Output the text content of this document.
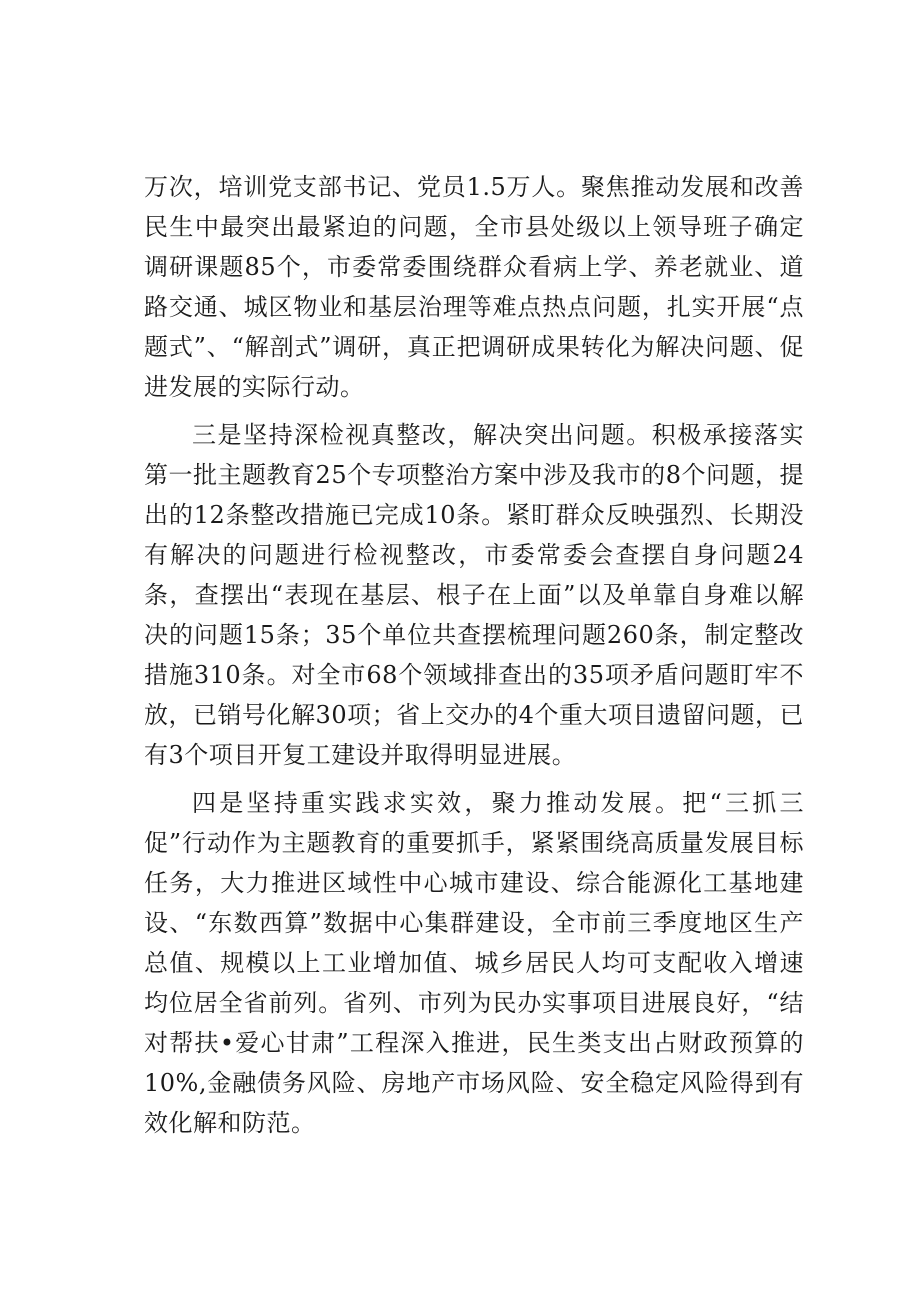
万次，培训党支部书记、党员1.5万人。聚焦推动发展和改善民生中最突出最紧迫的问题，全市县处级以上领导班子确定调研课题85个，市委常委围绕群众看病上学、养老就业、道路交通、城区物业和基层治理等难点热点问题，扎实开展“点题式”、“解剖式”调研，真正把调研成果转化为解决问题、促进发展的实际行动。

三是坚持深检视真整改，解决突出问题。积极承接落实第一批主题教育25个专项整治方案中涉及我市的8个问题，提出的12条整改措施已完成10条。紧盯群众反映强烈、长期没有解决的问题进行检视整改，市委常委会查摆自身问题24条，查摆出“表现在基层、根子在上面”以及单靠自身难以解决的问题15条；35个单位共查摆梳理问题260条，制定整改措施310条。对全市68个领域排查出的35项矛盾问题盯牢不放，已销号化解30项；省上交办的4个重大项目遗留问题，已有3个项目开复工建设并取得明显进展。

四是坚持重实践求实效，聚力推动发展。把“三抓三促”行动作为主题教育的重要抓手，紧紧围绕高质量发展目标任务，大力推进区域性中心城市建设、综合能源化工基地建设、“东数西算”数据中心集群建设，全市前三季度地区生产总值、规模以上工业增加值、城乡居民人均可支配收入增速均位居全省前列。省列、市列为民办实事项目进展良好，“结对帮扶•爱心甘肃”工程深入推进，民生类支出占财政预算的10%,金融债务风险、房地产市场风险、安全稳定风险得到有效化解和防范。
